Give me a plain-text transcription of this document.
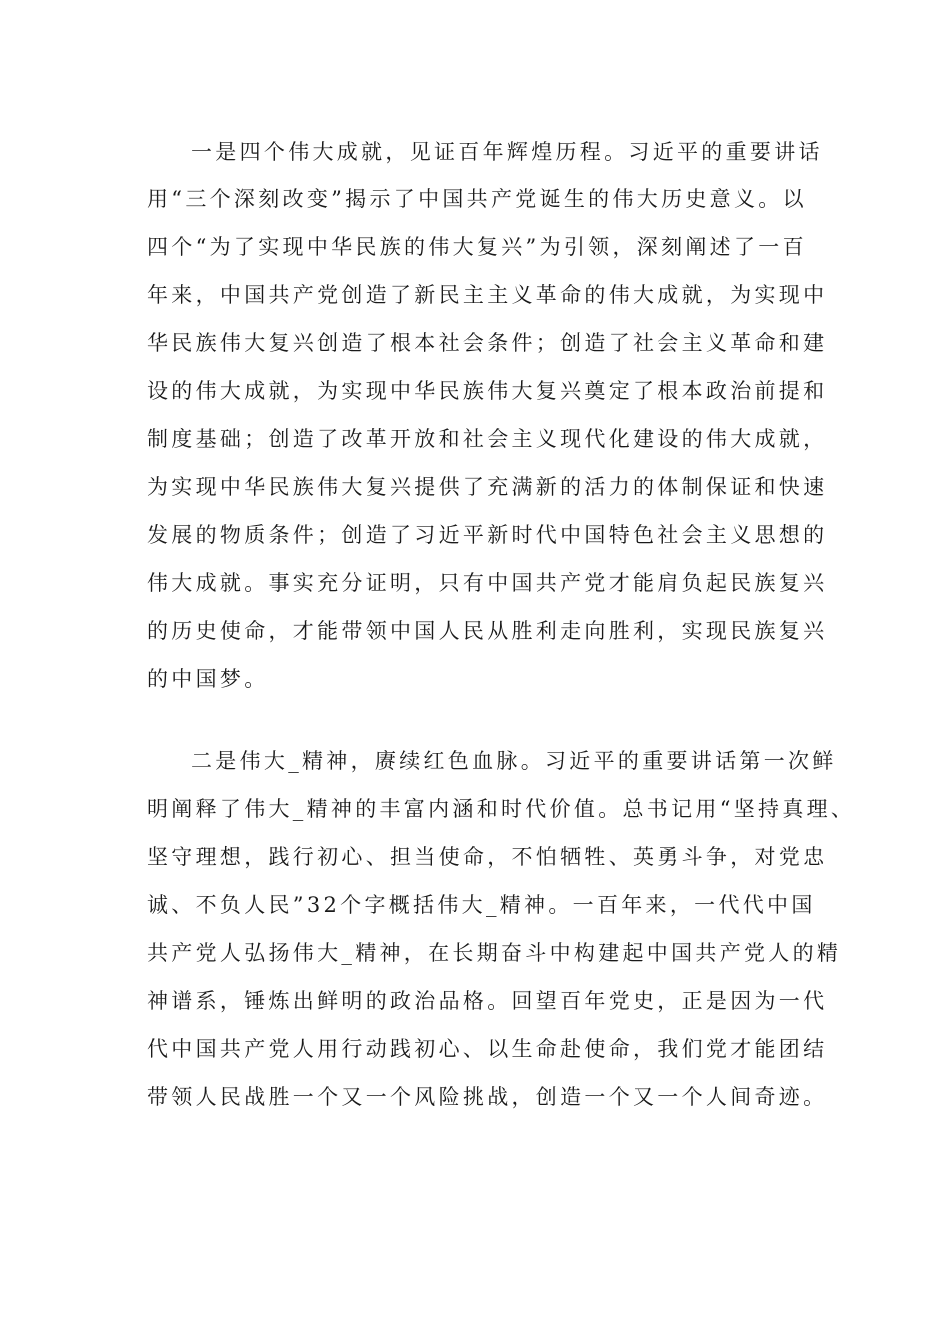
一是四个伟大成就，见证百年辉煌历程。习近平的重要讲话
用“三个深刻改变”揭示了中国共产党诞生的伟大历史意义。以
四个“为了实现中华民族的伟大复兴”为引领，深刻阐述了一百
年来，中国共产党创造了新民主主义革命的伟大成就，为实现中
华民族伟大复兴创造了根本社会条件；创造了社会主义革命和建
设的伟大成就，为实现中华民族伟大复兴奠定了根本政治前提和
制度基础；创造了改革开放和社会主义现代化建设的伟大成就，
为实现中华民族伟大复兴提供了充满新的活力的体制保证和快速
发展的物质条件；创造了习近平新时代中国特色社会主义思想的
伟大成就。事实充分证明，只有中国共产党才能肩负起民族复兴
的历史使命，才能带领中国人民从胜利走向胜利，实现民族复兴
的中国梦。
二是伟大_精神，赓续红色血脉。习近平的重要讲话第一次鲜
明阐释了伟大_精神的丰富内涵和时代价值。总书记用“坚持真理、
坚守理想，践行初心、担当使命，不怕牺牲、英勇斗争，对党忠
诚、不负人民”32个字概括伟大_精神。一百年来，一代代中国
共产党人弘扬伟大_精神，在长期奋斗中构建起中国共产党人的精
神谱系，锤炼出鲜明的政治品格。回望百年党史，正是因为一代
代中国共产党人用行动践初心、以生命赴使命，我们党才能团结
带领人民战胜一个又一个风险挑战，创造一个又一个人间奇迹。
